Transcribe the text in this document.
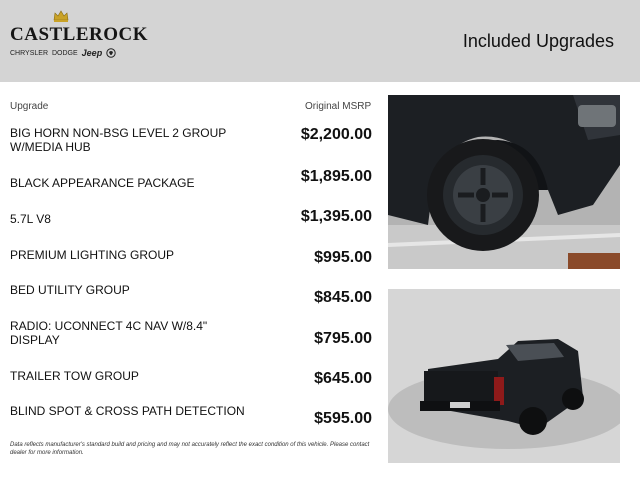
CASTLEROCK
CHRYSLER DODGE Jeep
Included Upgrades
Upgrade	Original MSRP
BIG HORN NON-BSG LEVEL 2 GROUP W/MEDIA HUB
$2,200.00
BLACK APPEARANCE PACKAGE	$1,895.00
5.7L V8	$1,395.00
PREMIUM LIGHTING GROUP	$995.00
BED UTILITY GROUP	$845.00
RADIO: UCONNECT 4C NAV W/8.4" DISPLAY	$795.00
TRAILER TOW GROUP	$645.00
BLIND SPOT & CROSS PATH DETECTION	$595.00
Data reflects manufacturer's standard build and pricing and may not accurately reflect the exact condition of this vehicle. Please contact dealer for more information.
